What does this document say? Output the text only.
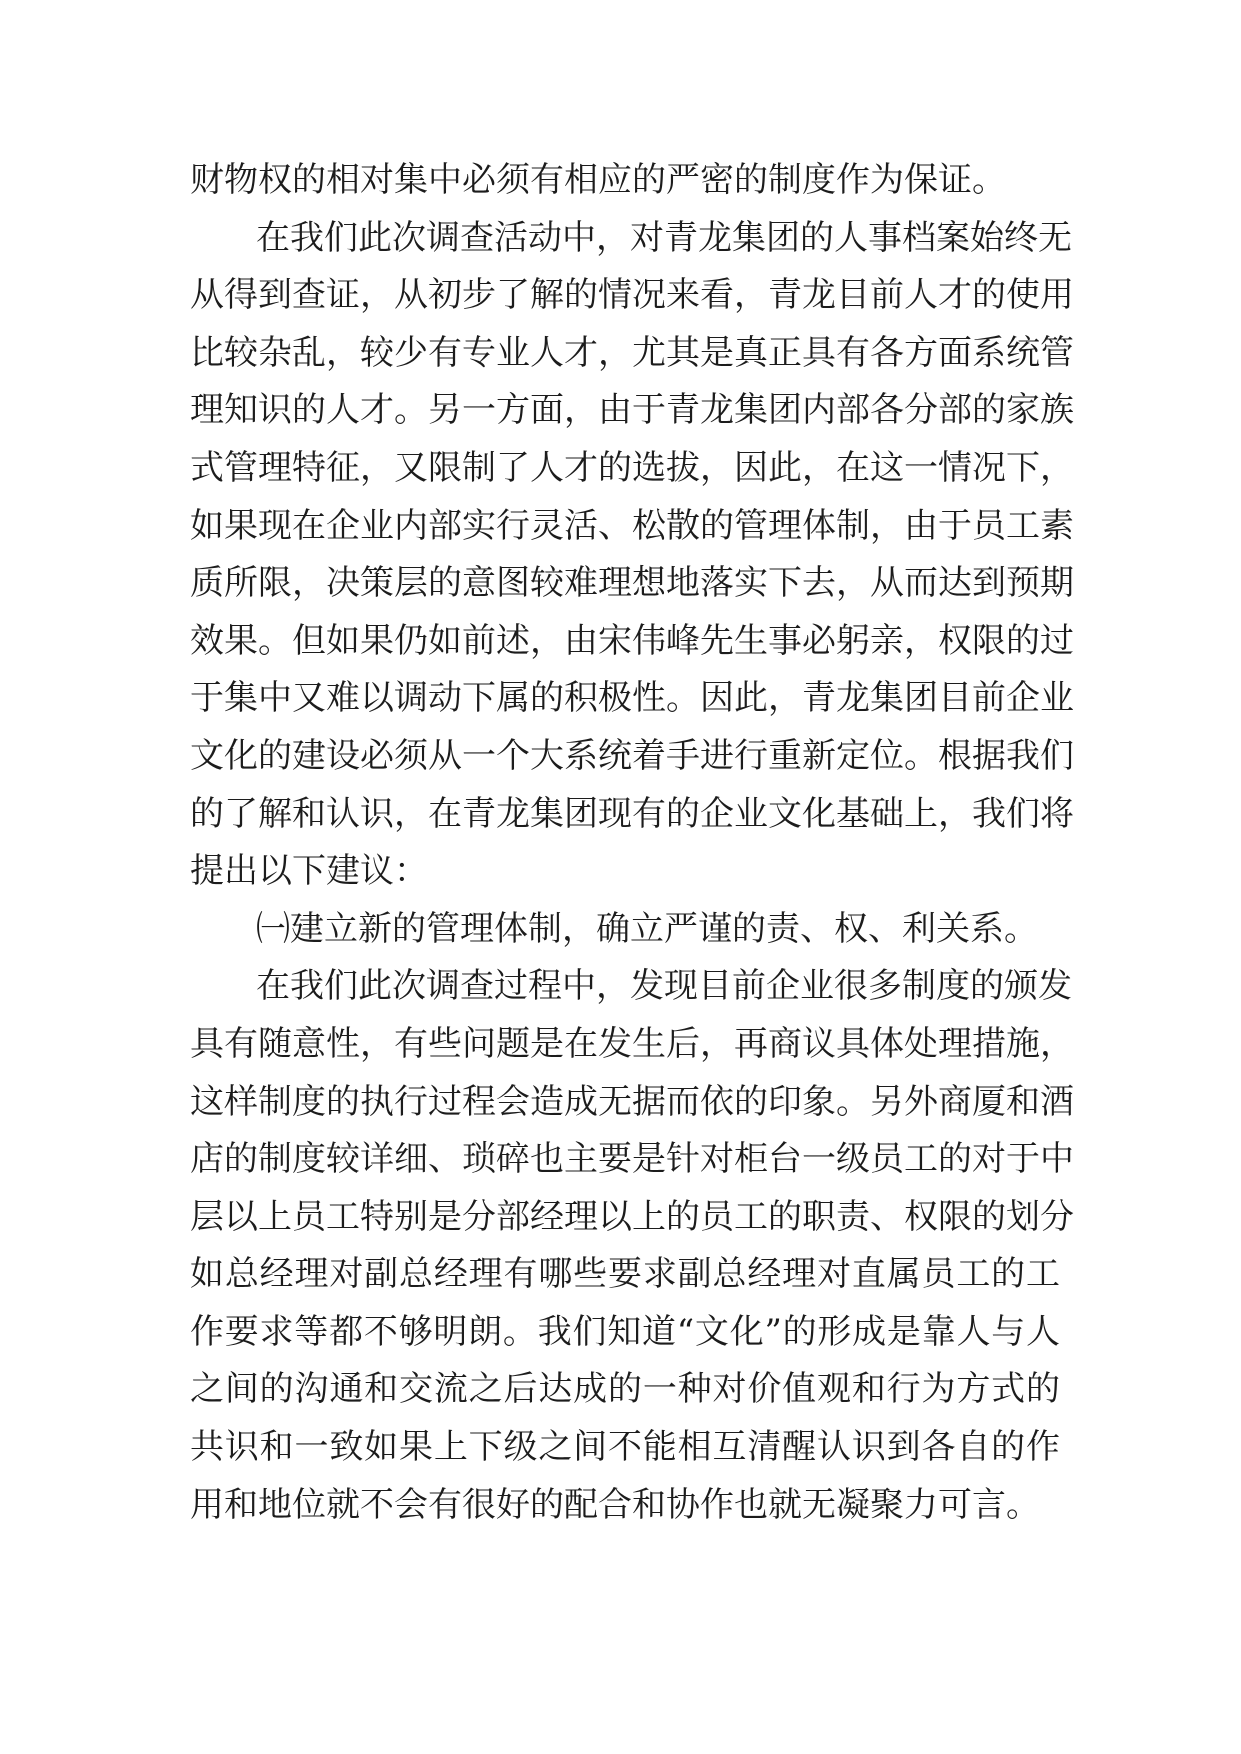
财物权的相对集中必须有相应的严密的制度作为保证。
在我们此次调查活动中，对青龙集团的人事档案始终无
从得到查证，从初步了解的情况来看，青龙目前人才的使用
比较杂乱，较少有专业人才，尤其是真正具有各方面系统管
理知识的人才。另一方面，由于青龙集团内部各分部的家族
式管理特征，又限制了人才的选拔，因此，在这一情况下，
如果现在企业内部实行灵活、松散的管理体制，由于员工素
质所限，决策层的意图较难理想地落实下去，从而达到预期
效果。但如果仍如前述，由宋伟峰先生事必躬亲，权限的过
于集中又难以调动下属的积极性。因此，青龙集团目前企业
文化的建设必须从一个大系统着手进行重新定位。根据我们
的了解和认识，在青龙集团现有的企业文化基础上，我们将
提出以下建议：
㈠建立新的管理体制，确立严谨的责、权、利关系。
在我们此次调查过程中，发现目前企业很多制度的颁发
具有随意性，有些问题是在发生后，再商议具体处理措施，
这样制度的执行过程会造成无据而依的印象。另外商厦和酒
店的制度较详细、琐碎也主要是针对柜台一级员工的对于中
层以上员工特别是分部经理以上的员工的职责、权限的划分
如总经理对副总经理有哪些要求副总经理对直属员工的工
作要求等都不够明朗。我们知道“文化”的形成是靠人与人
之间的沟通和交流之后达成的一种对价值观和行为方式的
共识和一致如果上下级之间不能相互清醒认识到各自的作
用和地位就不会有很好的配合和协作也就无凝聚力可言。
